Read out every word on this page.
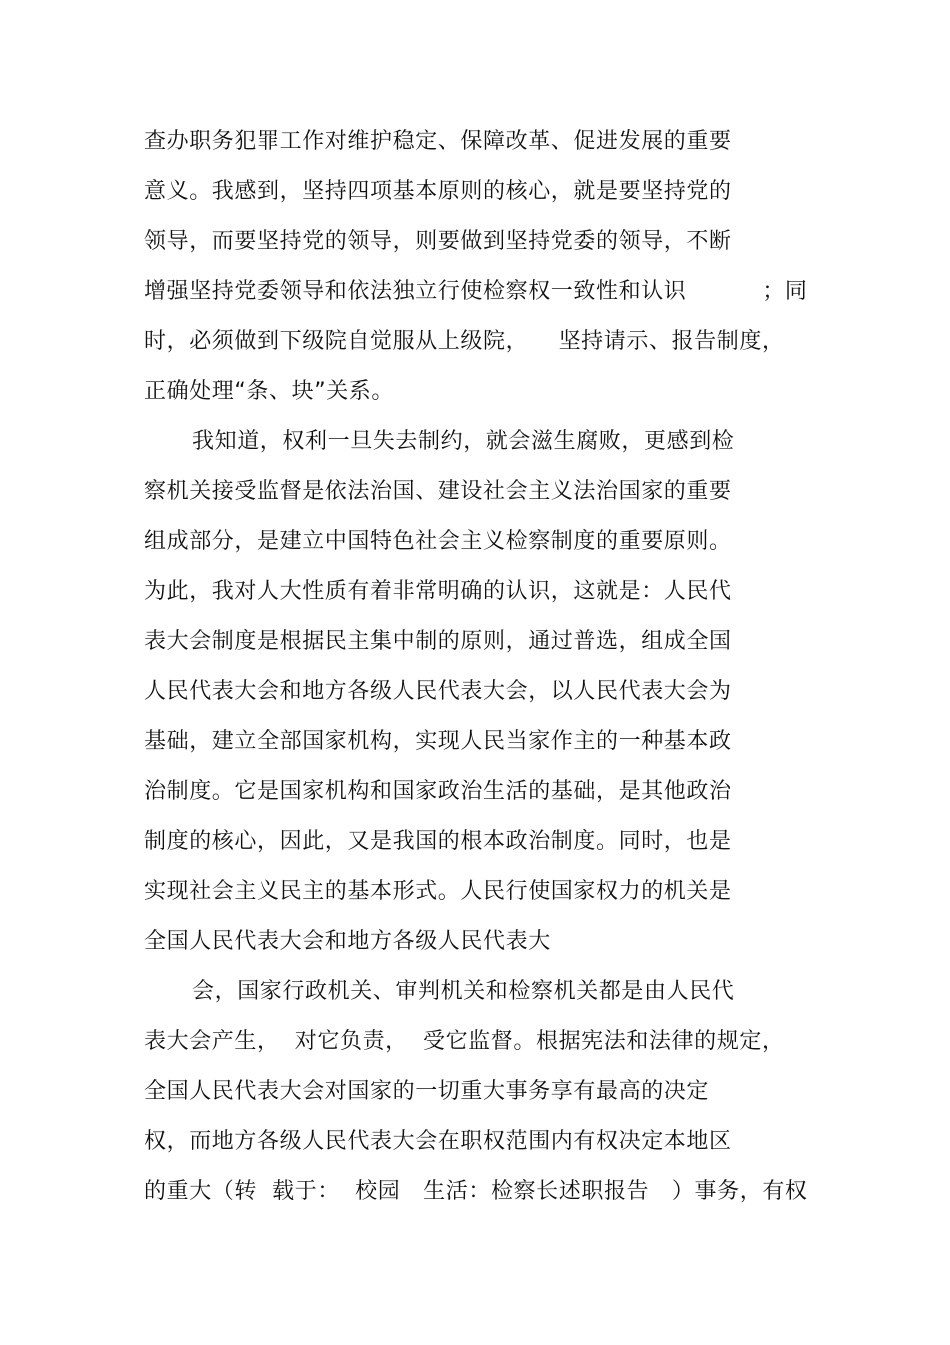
查办职务犯罪工作对维护稳定、保障改革、促进发展的重要
意义。我感到，坚持四项基本原则的核心，就是要坚持党的
领导，而要坚持党的领导，则要做到坚持党委的领导，不断
增强坚持党委领导和依法独立行使检察权一致性和认识          ；同
时，必须做到下级院自觉服从上级院，    坚持请示、报告制度，
正确处理“条、块”关系。
我知道，权利一旦失去制约，就会滋生腐败，更感到检
察机关接受监督是依法治国、建设社会主义法治国家的重要
组成部分，是建立中国特色社会主义检察制度的重要原则。
为此，我对人大性质有着非常明确的认识，这就是：人民代
表大会制度是根据民主集中制的原则，通过普选，组成全国
人民代表大会和地方各级人民代表大会，以人民代表大会为
基础，建立全部国家机构，实现人民当家作主的一种基本政
治制度。它是国家机构和国家政治生活的基础，是其他政治
制度的核心，因此，又是我国的根本政治制度。同时，也是
实现社会主义民主的基本形式。人民行使国家权力的机关是
全国人民代表大会和地方各级人民代表大
会，国家行政机关、审判机关和检察机关都是由人民代
表大会产生，  对它负责，  受它监督。根据宪法和法律的规定，
全国人民代表大会对国家的一切重大事务享有最高的决定
权，而地方各级人民代表大会在职权范围内有权决定本地区
的重大（转  载于：  校园   生活：检察长述职报告   ）事务，有权
